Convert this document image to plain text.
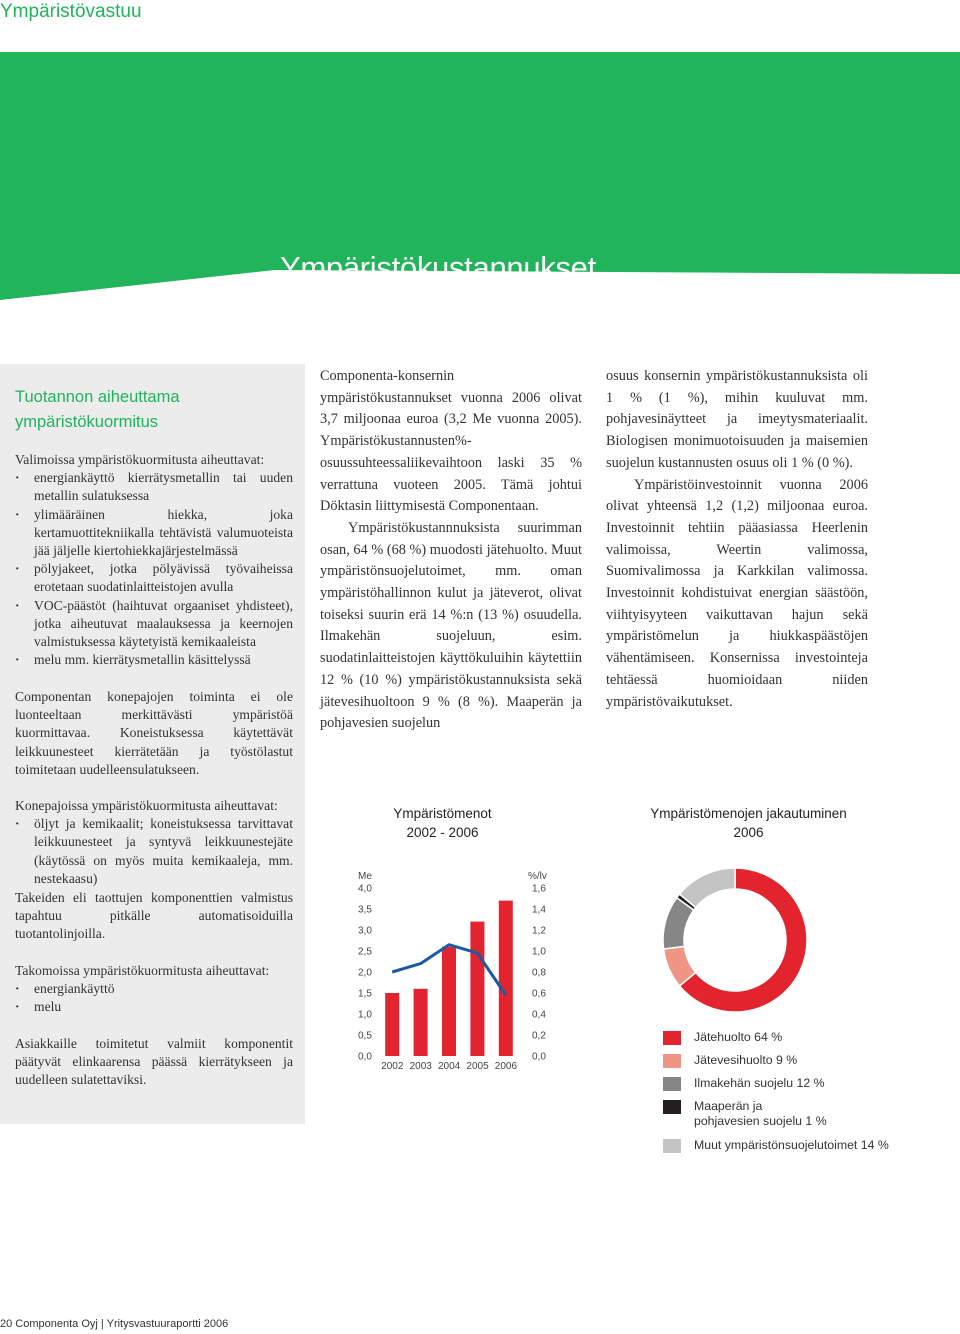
Ympäristövastuu
Ympäristökustannukset
Tuotannon aiheuttama ympäristökuormitus

Valimoissa ympäristökuormitusta aiheuttavat:

· energiankäyttö kierrätysmetallin tai uuden metallin sulatuksessa
· ylimääräinen hiekka, joka kertamuottitekniikalla tehtävistä valumuoteista jää jäljelle kiertohiekkajärjestelmässä
· pölyjakeet, jotka pölyävissä työvaiheissa erotetaan suodatinlaitteistojen avulla
· VOC-päästöt (haihtuvat orgaaniset yhdisteet), jotka aiheutuvat maalauksessa ja keernojen valmistuksessa käytetyistä kemikaaleista
· melu mm. kierrätysmetallin käsittelyssä
Componentan konepajojen toiminta ei ole luonteeltaan merkittävästi ympäristöä kuormittavaa. Koneistuksessa käytettävät leikkuunesteet kierrätetään ja työstölastut toimitetaan uudelleensulatukseen.

Konepajoissa ympäristökuormitusta aiheuttavat:

· öljyt ja kemikaalit; koneistuksessa tarvittavat leikkuunesteet ja syntyvä leikkuunestejäte (käytössä on myös muita kemikaaleja, mm. nestekaasu)
Takeiden eli taottujen komponenttien valmistus tapahtuu pitkälle automatisoiduilla tuotantolinjoilla.

Takomoissa ympäristökuormitusta aiheuttavat:

· energiankäyttö
· melu
Asiakkaille toimitetut valmiit komponentit päätyvät elinkaarensa päässä kierrätykseen ja uudelleen sulatettaviksi.

Componenta-konsernin ympäristökustannukset vuonna 2006 olivat 3,7 miljoonaa euroa (3,2 Me vuonna 2005). Ympäristökustannusten%-osuussuhteessaliikevaihtoon laski 35 % verrattuna vuoteen 2005. Tämä johtui Döktasin liittymisestä Componentaan.

Ympäristökustannnuksista suurimman osan, 64 % (68 %) muodosti jätehuolto. Muut ympäristönsuojelutoimet, mm. oman ympäristöhallinnon kulut ja jäteverot, olivat toiseksi suurin erä 14 %:n (13 %) osuudella. Ilmakehän suojeluun, esim. suodatinlaitteistojen käyttökuluihin käytettiin 12 % (10 %) ympäristökustannuksista sekä jätevesihuoltoon 9 % (8 %). Maaperän ja pohjavesien suojelun

osuus konsernin ympäristökustannuksista oli 1 % (1 %), mihin kuuluvat mm. pohjavesinäytteet ja imeytysmateriaalit. Biologisen monimuotoisuuden ja maisemien suojelun kustannusten osuus oli 1 % (0 %).

Ympäristöinvestoinnit vuonna 2006 olivat yhteensä 1,2 (1,2) miljoonaa euroa. Investoinnit tehtiin pääasiassa Heerlenin valimoissa, Weertin valimossa, Suomivalimossa ja Karkkilan valimossa. Investoinnit kohdistuivat energian säästöön, viihtyisyyteen vaikuttavan hajun sekä ympäristömelun ja hiukkaspäästöjen vähentämiseen. Konsernissa investointeja tehtäessä huomioidaan niiden ympäristövaikutukset.

Ympäristömenot
2002 - 2006
Me	%/lv
0,0
0,5
1,0
1,5
2,0
2,5
3,0
3,5
4,0
0,0
0,2
0,4
0,6
0,8
1,0
1,2
1,4
1,6
2002 2003 2004 2005 2006
Ympäristömenojen jakautuminen
2006
Jätehuolto 64 %
Jätevesihuolto 9 %
Ilmakehän suojelu 12 %
Maaperän ja
pohjavesien suojelu 1 %
Muut ympäristönsuojelutoimet 14 %
20 Componenta Oyj | Yritysvastuuraportti 2006
